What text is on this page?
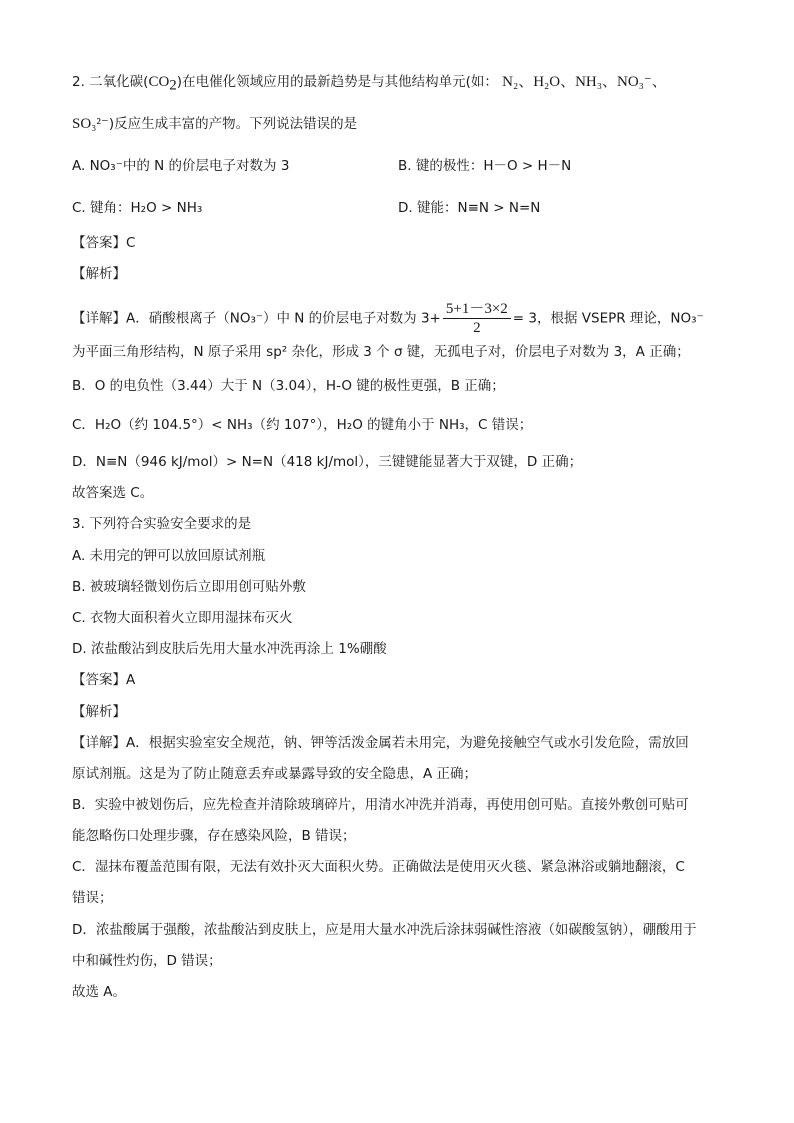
2. 二氧化碳$(CO_2)$在电催化领域应用的最新趋势是与其他结构单元(如： N₂、H₂O、NH₃、NO₃⁻、
SO₃²⁻)反应生成丰富的产物。下列说法错误的是
A. NO₃⁻中的 N 的价层电子对数为 3	B. 键的极性：H－O > H－N
C. 键角：H₂O > NH₃	D. 键能：N≡N > N=N
【答案】C
【解析】
【详解】A．硝酸根离子（NO₃⁻）中 N 的价层电子对数为 $3+ \frac{5+1-3\times 2}{2} = 3$，根据 VSEPR 理论，NO₃⁻
为平面三角形结构，N 原子采用 sp² 杂化，形成 3 个 σ 键，无孤电子对，价层电子对数为 3，A 正确；
B．O 的电负性（3.44）大于 N（3.04），H-O 键的极性更强，B 正确；
C．H₂O（约 104.5°）< NH₃（约 107°），H₂O 的键角小于 NH₃，C 错误；
D．N≡N（946 kJ/mol）> N=N（418 kJ/mol），三键键能显著大于双键，D 正确；
故答案选 C。
3. 下列符合实验安全要求的是
A. 未用完的钾可以放回原试剂瓶
B. 被玻璃轻微划伤后立即用创可贴外敷
C. 衣物大面积着火立即用湿抹布灭火
D. 浓盐酸沾到皮肤后先用大量水冲洗再涂上 1%硼酸
【答案】A
【解析】
【详解】A．根据实验室安全规范，钠、钾等活泼金属若未用完，为避免接触空气或水引发危险，需放回
原试剂瓶。这是为了防止随意丢弃或暴露导致的安全隐患，A 正确；
B．实验中被划伤后，应先检查并清除玻璃碎片，用清水冲洗并消毒，再使用创可贴。直接外敷创可贴可
能忽略伤口处理步骤，存在感染风险，B 错误；
C．湿抹布覆盖范围有限，无法有效扑灭大面积火势。正确做法是使用灭火毯、紧急淋浴或躺地翻滚，C
错误；
D．浓盐酸属于强酸，浓盐酸沾到皮肤上，应是用大量水冲洗后涂抹弱碱性溶液（如碳酸氢钠），硼酸用于
中和碱性灼伤，D 错误；
故选 A。
